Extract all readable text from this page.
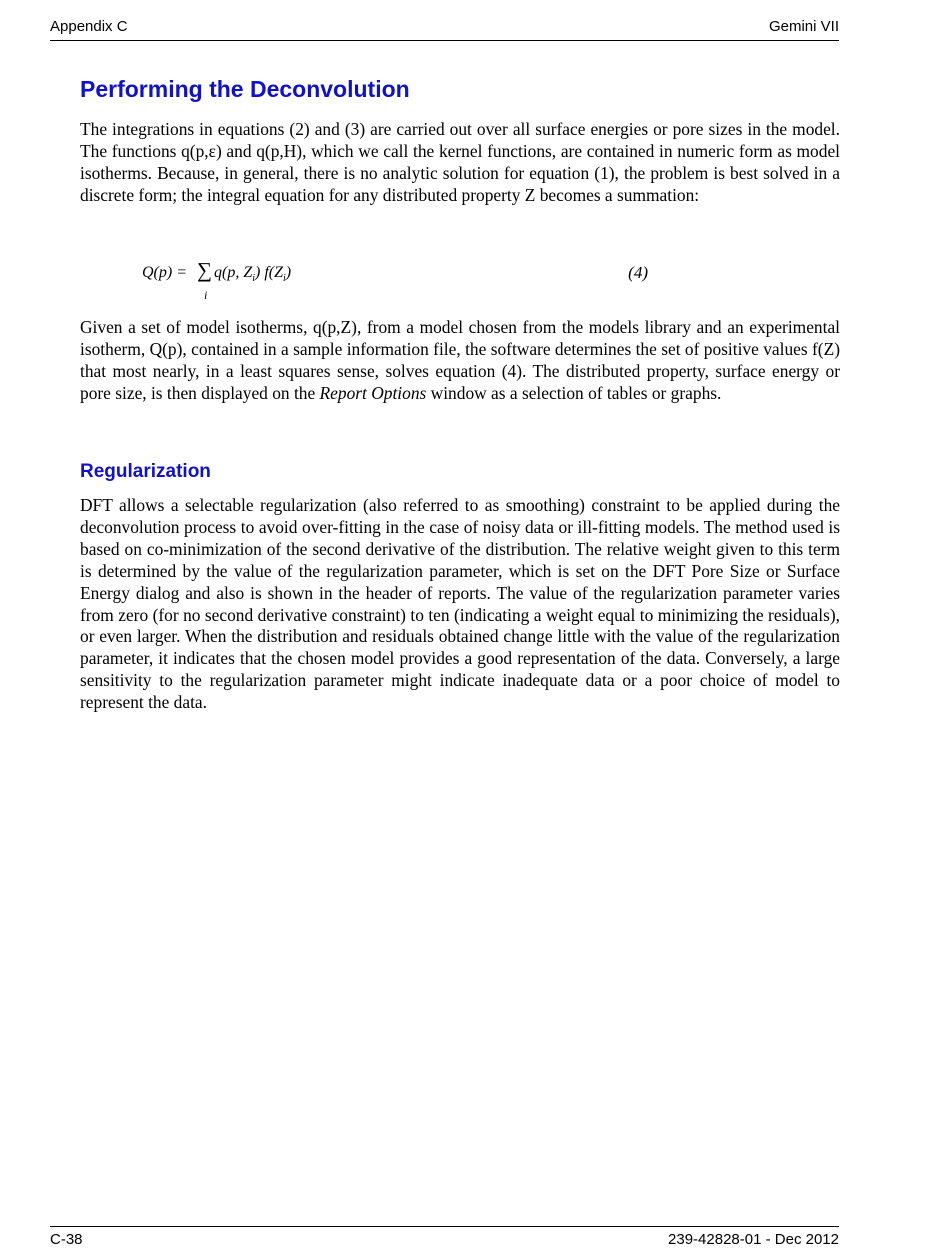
Appendix C	Gemini VII
Performing the Deconvolution

The integrations in equations (2) and (3) are carried out over all surface energies or pore sizes in the model. The functions q(p,ε) and q(p,H), which we call the kernel functions, are contained in numeric form as model isotherms. Because, in general, there is no analytic solution for equation (1), the problem is best solved in a discrete form; the integral equation for any distributed property Z becomes a summation:

Q(p) = ∑
i
q(p, $Z_i$) $f(Z_i)$	(4)

Given a set of model isotherms, q(p,Z), from a model chosen from the models library and an experimental isotherm, Q(p), contained in a sample information file, the software determines the set of positive values f(Z) that most nearly, in a least squares sense, solves equation (4). The distributed property, surface energy or pore size, is then displayed on the Report Options window as a selection of tables or graphs.

Regularization

DFT allows a selectable regularization (also referred to as smoothing) constraint to be applied during the deconvolution process to avoid over-fitting in the case of noisy data or ill-fitting models. The method used is based on co-minimization of the second derivative of the distribution. The relative weight given to this term is determined by the value of the regularization parameter, which is set on the DFT Pore Size or Surface Energy dialog and also is shown in the header of reports. The value of the regularization parameter varies from zero (for no second derivative constraint) to ten (indicating a weight equal to minimizing the residuals), or even larger. When the distribution and residuals obtained change little with the value of the regularization parameter, it indicates that the chosen model provides a good representation of the data. Conversely, a large sensitivity to the regularization parameter might indicate inadequate data or a poor choice of model to represent the data.

C-38	239-42828-01 - Dec 2012
